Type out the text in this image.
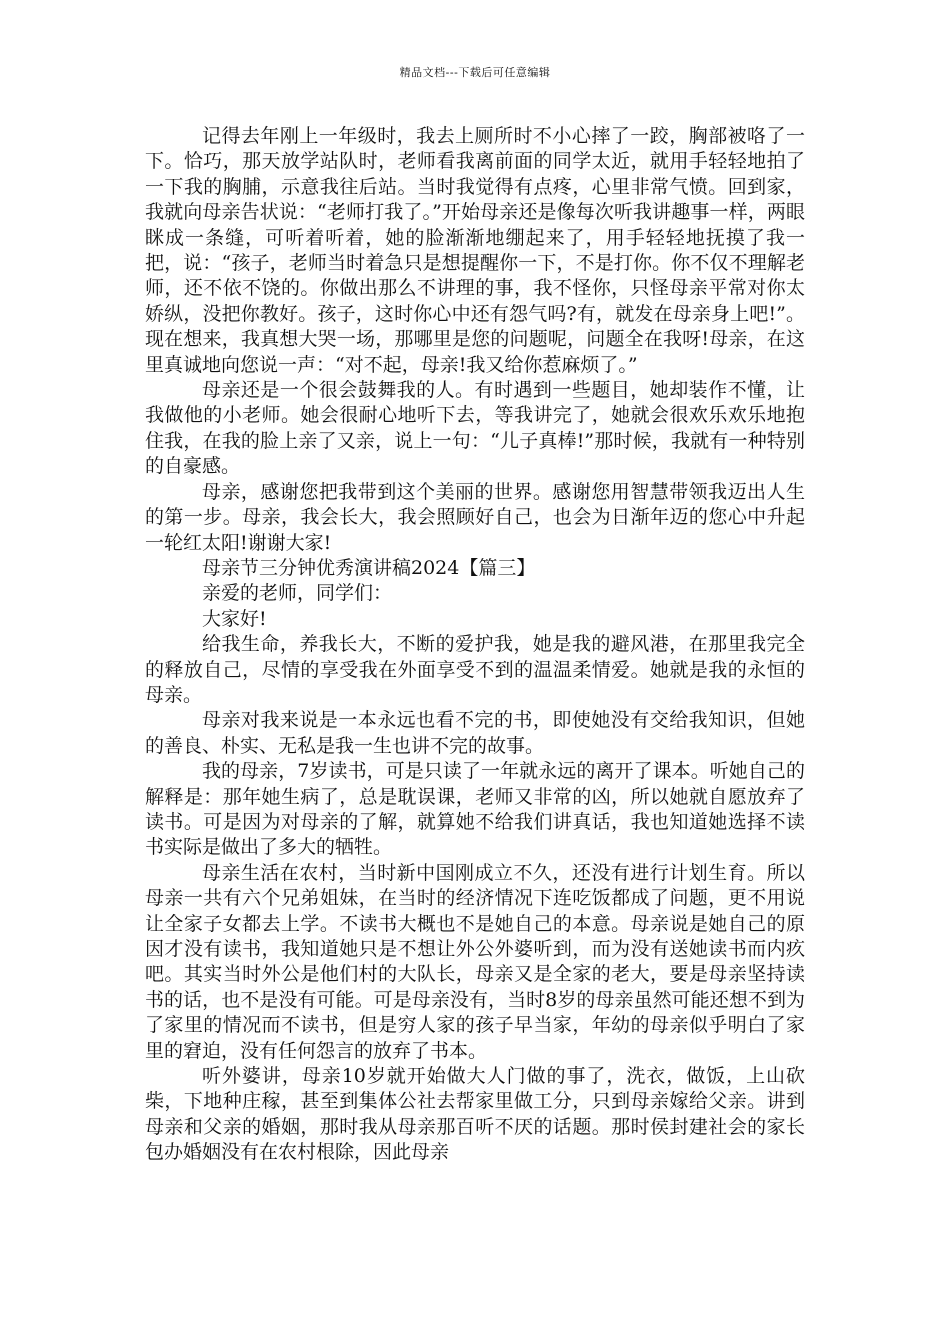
精品文档---下载后可任意编辑

记得去年刚上一年级时，我去上厕所时不小心摔了一跤，胸部被咯了一下。恰巧，那天放学站队时，老师看我离前面的同学太近，就用手轻轻地拍了一下我的胸脯，示意我往后站。当时我觉得有点疼，心里非常气愤。回到家，我就向母亲告状说：“老师打我了。”开始母亲还是像每次听我讲趣事一样，两眼眯成一条缝，可听着听着，她的脸渐渐地绷起来了，用手轻轻地抚摸了我一把，说：“孩子，老师当时着急只是想提醒你一下，不是打你。你不仅不理解老师，还不依不饶的。你做出那么不讲理的事，我不怪你，只怪母亲平常对你太娇纵，没把你教好。孩子，这时你心中还有怨气吗?有，就发在母亲身上吧!”。现在想来，我真想大哭一场，那哪里是您的问题呢，问题全在我呀!母亲，在这里真诚地向您说一声：“对不起，母亲!我又给你惹麻烦了。”

母亲还是一个很会鼓舞我的人。有时遇到一些题目，她却装作不懂，让我做他的小老师。她会很耐心地听下去，等我讲完了，她就会很欢乐欢乐地抱住我，在我的脸上亲了又亲，说上一句：“儿子真棒!”那时候，我就有一种特别的自豪感。

母亲，感谢您把我带到这个美丽的世界。感谢您用智慧带领我迈出人生的第一步。母亲，我会长大，我会照顾好自己，也会为日渐年迈的您心中升起一轮红太阳!谢谢大家!

母亲节三分钟优秀演讲稿2024【篇三】

亲爱的老师，同学们：

大家好!

给我生命，养我长大，不断的爱护我，她是我的避风港，在那里我完全的释放自己，尽情的享受我在外面享受不到的温温柔情爱。她就是我的永恒的母亲。

母亲对我来说是一本永远也看不完的书，即使她没有交给我知识，但她的善良、朴实、无私是我一生也讲不完的故事。

我的母亲，7岁读书，可是只读了一年就永远的离开了课本。听她自己的解释是：那年她生病了，总是耽误课，老师又非常的凶，所以她就自愿放弃了读书。可是因为对母亲的了解，就算她不给我们讲真话，我也知道她选择不读书实际是做出了多大的牺牲。

母亲生活在农村，当时新中国刚成立不久，还没有进行计划生育。所以母亲一共有六个兄弟姐妹，在当时的经济情况下连吃饭都成了问题，更不用说让全家子女都去上学。不读书大概也不是她自己的本意。母亲说是她自己的原因才没有读书，我知道她只是不想让外公外婆听到，而为没有送她读书而内疚吧。其实当时外公是他们村的大队长，母亲又是全家的老大，要是母亲坚持读书的话，也不是没有可能。可是母亲没有，当时8岁的母亲虽然可能还想不到为了家里的情况而不读书，但是穷人家的孩子早当家，年幼的母亲似乎明白了家里的窘迫，没有任何怨言的放弃了书本。

听外婆讲，母亲10岁就开始做大人门做的事了，洗衣，做饭，上山砍柴，下地种庄稼，甚至到集体公社去帮家里做工分，只到母亲嫁给父亲。讲到母亲和父亲的婚姻，那时我从母亲那百听不厌的话题。那时侯封建社会的家长包办婚姻没有在农村根除，因此母亲
